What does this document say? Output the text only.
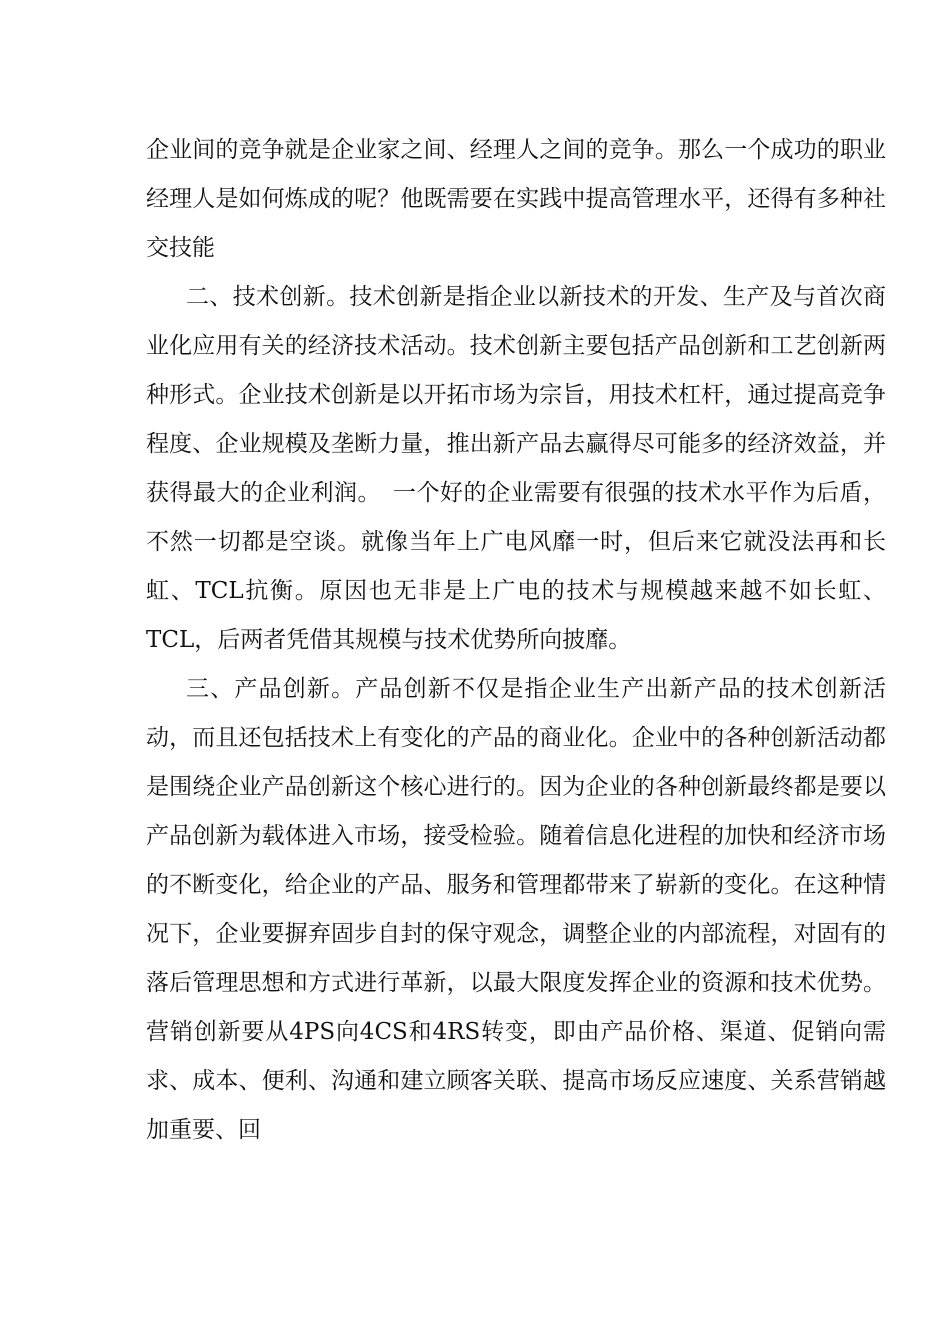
企业间的竞争就是企业家之间、经理人之间的竞争。那么一个成功的职业经理人是如何炼成的呢？他既需要在实践中提高管理水平，还得有多种社交技能

二、技术创新。技术创新是指企业以新技术的开发、生产及与首次商业化应用有关的经济技术活动。技术创新主要包括产品创新和工艺创新两种形式。企业技术创新是以开拓市场为宗旨，用技术杠杆，通过提高竞争程度、企业规模及垄断力量，推出新产品去赢得尽可能多的经济效益，并获得最大的企业利润。　一个好的企业需要有很强的技术水平作为后盾，不然一切都是空谈。就像当年上广电风靡一时，但后来它就没法再和长虹、TCL抗衡。原因也无非是上广电的技术与规模越来越不如长虹、TCL，后两者凭借其规模与技术优势所向披靡。

三、产品创新。产品创新不仅是指企业生产出新产品的技术创新活动，而且还包括技术上有变化的产品的商业化。企业中的各种创新活动都是围绕企业产品创新这个核心进行的。因为企业的各种创新最终都是要以产品创新为载体进入市场，接受检验。随着信息化进程的加快和经济市场的不断变化，给企业的产品、服务和管理都带来了崭新的变化。在这种情况下，企业要摒弃固步自封的保守观念，调整企业的内部流程，对固有的落后管理思想和方式进行革新，以最大限度发挥企业的资源和技术优势。营销创新要从4PS向4CS和4RS转变，即由产品价格、渠道、促销向需求、成本、便利、沟通和建立顾客关联、提高市场反应速度、关系营销越加重要、回
